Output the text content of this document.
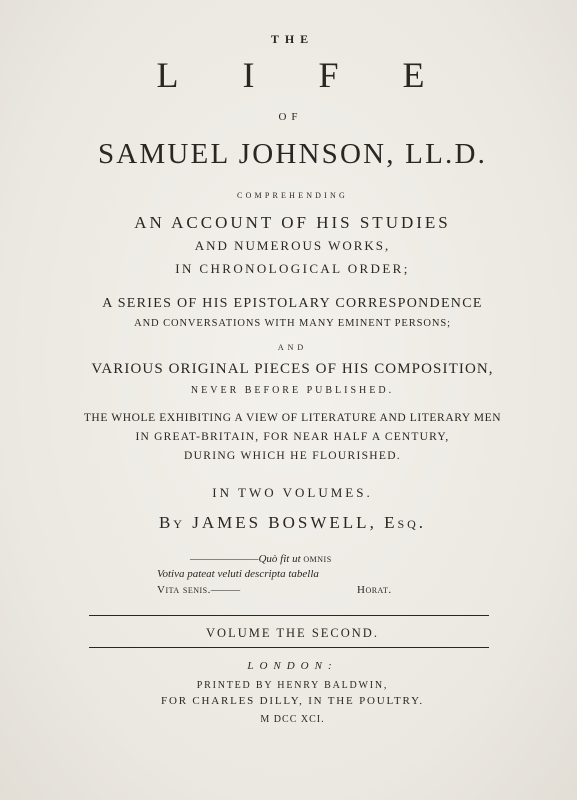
THE
LIFE
OF
SAMUEL JOHNSON, LL.D.
COMPREHENDING
AN ACCOUNT OF HIS STUDIES
AND NUMEROUS WORKS,
IN CHRONOLOGICAL ORDER;
A SERIES OF HIS EPISTOLARY CORRESPONDENCE
AND CONVERSATIONS WITH MANY EMINENT PERSONS;
AND
VARIOUS ORIGINAL PIECES OF HIS COMPOSITION,
NEVER BEFORE PUBLISHED.
THE WHOLE EXHIBITING A VIEW OF LITERATURE AND LITERARY MEN
IN GREAT-BRITAIN, FOR NEAR HALF A CENTURY,
DURING WHICH HE FLOURISHED.
IN TWO VOLUMES.
By JAMES BOSWELL, Esq.
———————Quò fit ut omnis
Votiva pateat veluti descripta tabella
Vita senis.———	Horat.
VOLUME THE SECOND.
LONDON:
PRINTED BY HENRY BALDWIN,
FOR CHARLES DILLY, IN THE POULTRY.
M DCC XCI.
